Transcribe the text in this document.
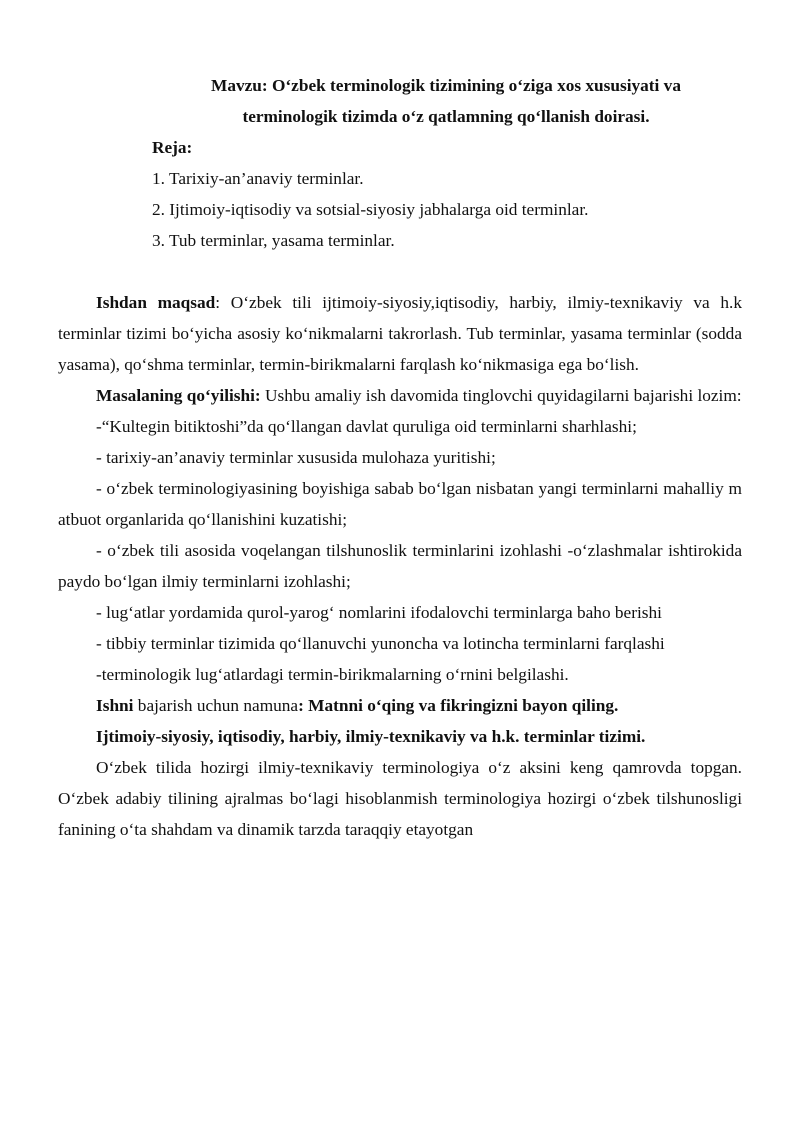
Mavzu: O‘zbek terminologik tizimining o‘ziga xos xususiyati va
terminologik tizimda o‘z qatlamning qo‘llanish doirasi.

Reja:

1. Tarixiy-an’anaviy terminlar.

2. Ijtimoiy-iqtisodiy va sotsial-siyosiy jabhalarga oid terminlar.

3. Tub terminlar, yasama terminlar.

Ishdan maqsad: O‘zbek tili ijtimoiy-siyosiy,iqtisodiy, harbiy, ilmiy-texnikaviy va h.k terminlar tizimi bo‘yicha asosiy ko‘nikmalarni takrorlash. Tub terminlar, yasama terminlar (sodda yasama), qo‘shma terminlar, termin-birikmalarni farqlash ko‘nikmasiga ega bo‘lish.

Masalaning qo‘yilishi: Ushbu amaliy ish davomida tinglovchi quyidagilarni bajarishi lozim:

-“Kultegin bitiktoshi”da qo‘llangan davlat quruliga oid terminlarni sharhlashi;

- tarixiy-an’anaviy terminlar xususida mulohaza yuritishi;

- o‘zbek terminologiyasining boyishiga sabab bo‘lgan nisbatan yangi terminlarni mahalliy m atbuot organlarida qo‘llanishini kuzatishi;

- o‘zbek tili asosida voqelangan tilshunoslik terminlarini izohlashi -o‘zlashmalar ishtirokida paydo bo‘lgan ilmiy terminlarni izohlashi;

- lug‘atlar yordamida qurol-yarog‘ nomlarini ifodalovchi terminlarga baho berishi

- tibbiy terminlar tizimida qo‘llanuvchi yunoncha va lotincha terminlarni farqlashi

-terminologik lug‘atlardagi termin-birikmalarning o‘rnini belgilashi.

Ishni bajarish uchun namuna: Matnni o‘qing va fikringizni bayon qiling.

Ijtimoiy-siyosiy, iqtisodiy, harbiy, ilmiy-texnikaviy va h.k. terminlar tizimi.

O‘zbek tilida hozirgi ilmiy-texnikaviy terminologiya o‘z aksini keng qamrovda topgan. O‘zbek adabiy tilining ajralmas bo‘lagi hisoblanmish terminologiya hozirgi o‘zbek tilshunosligi fanining o‘ta shahdam va dinamik tarzda taraqqiy etayotgan
